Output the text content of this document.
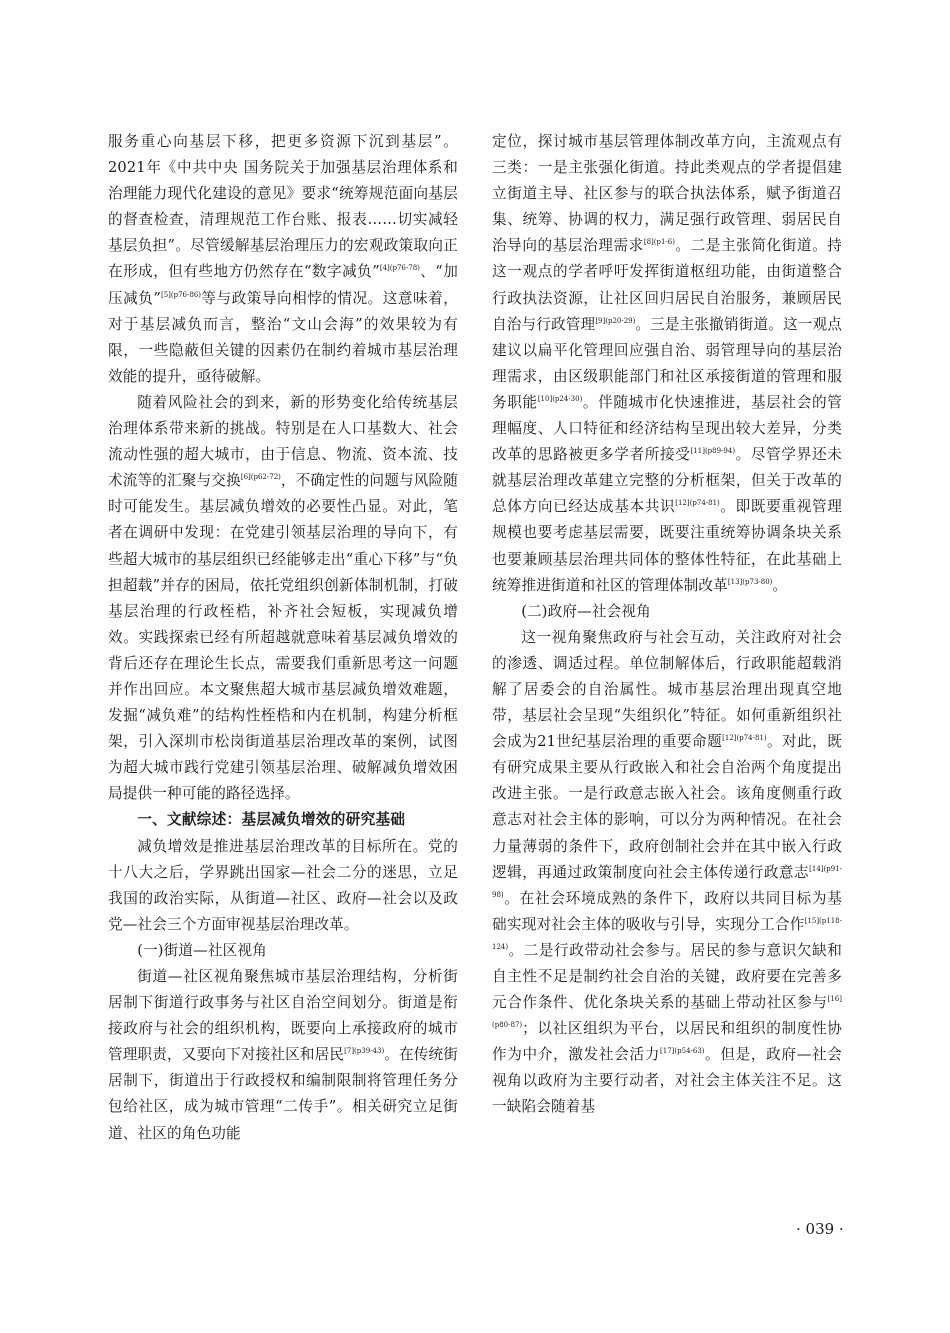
服务重心向基层下移，把更多资源下沉到基层”。2021年《中共中央 国务院关于加强基层治理体系和治理能力现代化建设的意见》要求“统筹规范面向基层的督查检查，清理规范工作台账、报表……切实减轻基层负担”。尽管缓解基层治理压力的宏观政策取向正在形成，但有些地方仍然存在“数字减负”$^{[4](p76-78)}$、“加压减负”$^{[5](p76-86)}$等与政策导向相悖的情况。这意味着，对于基层减负而言，整治“文山会海”的效果较为有限，一些隐蔽但关键的因素仍在制约着城市基层治理效能的提升，亟待破解。

随着风险社会的到来，新的形势变化给传统基层治理体系带来新的挑战。特别是在人口基数大、社会流动性强的超大城市，由于信息、物流、资本流、技术流等的汇聚与交换$^{[6](p62-72)}$，不确定性的问题与风险随时可能发生。基层减负增效的必要性凸显。对此，笔者在调研中发现：在党建引领基层治理的导向下，有些超大城市的基层组织已经能够走出“重心下移”与“负担超载”并存的困局，依托党组织创新体制机制，打破基层治理的行政桎梏，补齐社会短板，实现减负增效。实践探索已经有所超越就意味着基层减负增效的背后还存在理论生长点，需要我们重新思考这一问题并作出回应。本文聚焦超大城市基层减负增效难题，发掘“减负难”的结构性桎梏和内在机制，构建分析框架，引入深圳市松岗街道基层治理改革的案例，试图为超大城市践行党建引领基层治理、破解减负增效困局提供一种可能的路径选择。

一、文献综述：基层减负增效的研究基础

减负增效是推进基层治理改革的目标所在。党的十八大之后，学界跳出国家—社会二分的迷思，立足我国的政治实际，从街道—社区、政府—社会以及政党—社会三个方面审视基层治理改革。

(一)街道—社区视角

街道—社区视角聚焦城市基层治理结构，分析街居制下街道行政事务与社区自治空间划分。街道是衔接政府与社会的组织机构，既要向上承接政府的城市管理职责，又要向下对接社区和居民$^{[7](p39-43)}$。在传统街居制下，街道出于行政授权和编制限制将管理任务分包给社区，成为城市管理“二传手”。相关研究立足街道、社区的角色功能

定位，探讨城市基层管理体制改革方向，主流观点有三类：一是主张强化街道。持此类观点的学者提倡建立街道主导、社区参与的联合执法体系，赋予街道召集、统筹、协调的权力，满足强行政管理、弱居民自治导向的基层治理需求$^{[8](p1-6)}$。二是主张简化街道。持这一观点的学者呼吁发挥街道枢纽功能，由街道整合行政执法资源，让社区回归居民自治服务，兼顾居民自治与行政管理$^{[9](p20-29)}$。三是主张撤销街道。这一观点建议以扁平化管理回应强自治、弱管理导向的基层治理需求，由区级职能部门和社区承接街道的管理和服务职能$^{[10](p24-30)}$。伴随城市化快速推进，基层社会的管理幅度、人口特征和经济结构呈现出较大差异，分类改革的思路被更多学者所接受$^{[11](p89-94)}$。尽管学界还未就基层治理改革建立完整的分析框架，但关于改革的总体方向已经达成基本共识$^{[12](p74-81)}$。即既要重视管理规模也要考虑基层需要，既要注重统筹协调条块关系也要兼顾基层治理共同体的整体性特征，在此基础上统筹推进街道和社区的管理体制改革$^{[13](p73-80)}$。

(二)政府—社会视角

这一视角聚焦政府与社会互动，关注政府对社会的渗透、调适过程。单位制解体后，行政职能超载消解了居委会的自治属性。城市基层治理出现真空地带，基层社会呈现“失组织化”特征。如何重新组织社会成为21世纪基层治理的重要命题$^{[12](p74-81)}$。对此，既有研究成果主要从行政嵌入和社会自治两个角度提出改进主张。一是行政意志嵌入社会。该角度侧重行政意志对社会主体的影响，可以分为两种情况。在社会力量薄弱的条件下，政府创制社会并在其中嵌入行政逻辑，再通过政策制度向社会主体传递行政意志$^{[14](p91-98)}$。在社会环境成熟的条件下，政府以共同目标为基础实现对社会主体的吸收与引导，实现分工合作$^{[15](p118-124)}$。二是行政带动社会参与。居民的参与意识欠缺和自主性不足是制约社会自治的关键，政府要在完善多元合作条件、优化条块关系的基础上带动社区参与$^{[16](p80-87)}$；以社区组织为平台，以居民和组织的制度性协作为中介，激发社会活力$^{[17](p54-63)}$。但是，政府—社会视角以政府为主要行动者，对社会主体关注不足。这一缺陷会随着基

· 039 ·
